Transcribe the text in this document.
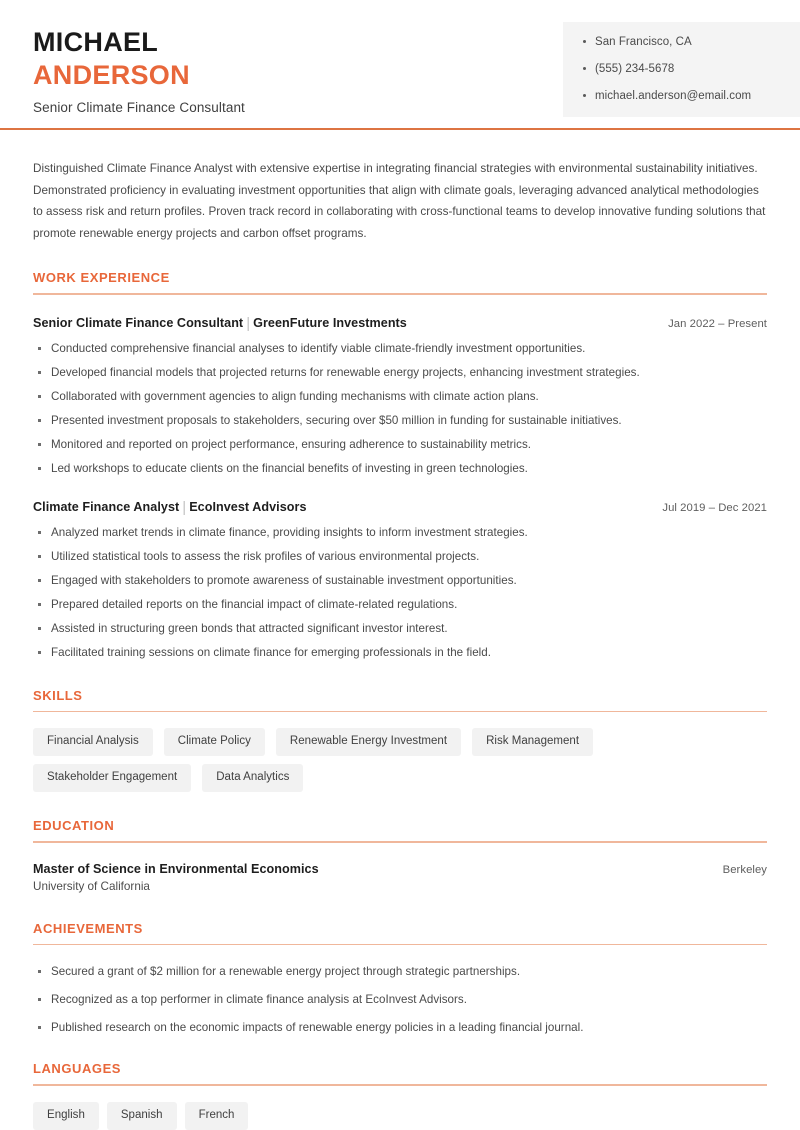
MICHAEL
ANDERSON
Senior Climate Finance Consultant
San Francisco, CA
(555) 234-5678
michael.anderson@email.com
Distinguished Climate Finance Analyst with extensive expertise in integrating financial strategies with environmental sustainability initiatives. Demonstrated proficiency in evaluating investment opportunities that align with climate goals, leveraging advanced analytical methodologies to assess risk and return profiles. Proven track record in collaborating with cross-functional teams to develop innovative funding solutions that promote renewable energy projects and carbon offset programs.
WORK EXPERIENCE
Senior Climate Finance Consultant | GreenFuture Investments	Jan 2022 – Present
Conducted comprehensive financial analyses to identify viable climate-friendly investment opportunities.
Developed financial models that projected returns for renewable energy projects, enhancing investment strategies.
Collaborated with government agencies to align funding mechanisms with climate action plans.
Presented investment proposals to stakeholders, securing over $50 million in funding for sustainable initiatives.
Monitored and reported on project performance, ensuring adherence to sustainability metrics.
Led workshops to educate clients on the financial benefits of investing in green technologies.
Climate Finance Analyst | EcoInvest Advisors	Jul 2019 – Dec 2021
Analyzed market trends in climate finance, providing insights to inform investment strategies.
Utilized statistical tools to assess the risk profiles of various environmental projects.
Engaged with stakeholders to promote awareness of sustainable investment opportunities.
Prepared detailed reports on the financial impact of climate-related regulations.
Assisted in structuring green bonds that attracted significant investor interest.
Facilitated training sessions on climate finance for emerging professionals in the field.
SKILLS
Financial Analysis	Climate Policy	Renewable Energy Investment	Risk Management
Stakeholder Engagement	Data Analytics
EDUCATION
Master of Science in Environmental Economics	Berkeley
University of California
ACHIEVEMENTS
Secured a grant of $2 million for a renewable energy project through strategic partnerships.
Recognized as a top performer in climate finance analysis at EcoInvest Advisors.
Published research on the economic impacts of renewable energy policies in a leading financial journal.
LANGUAGES
English	Spanish	French
